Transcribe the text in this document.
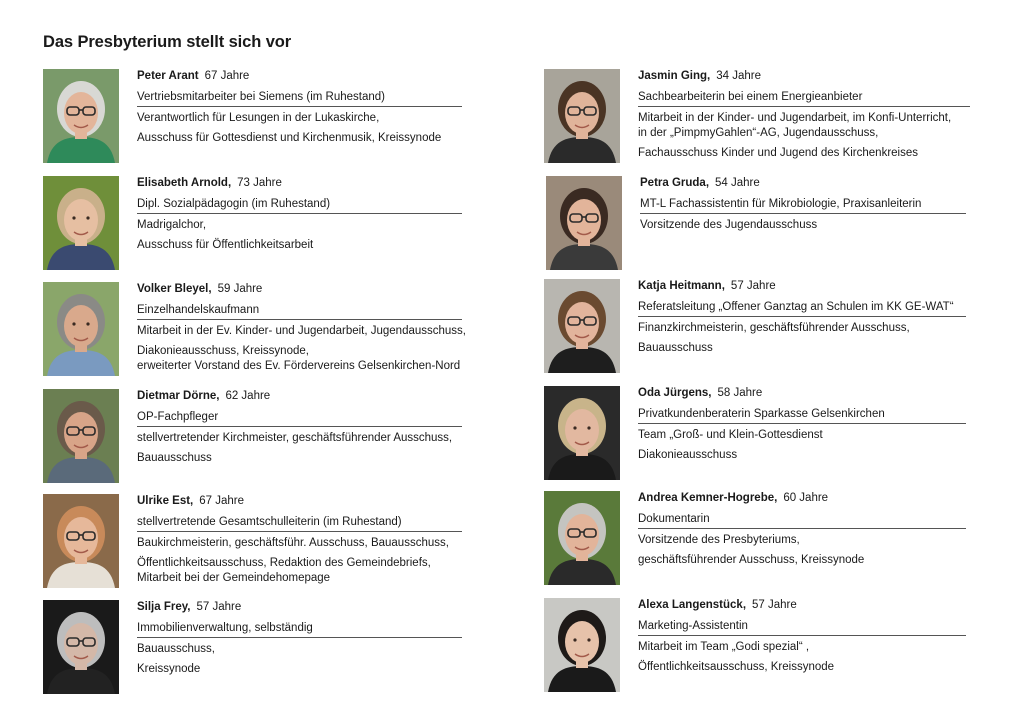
Das Presbyterium stellt sich vor
Peter Arant 67 Jahre
Vertriebsmitarbeiter bei Siemens (im Ruhestand)
Verantwortlich für Lesungen in der Lukaskirche,
Ausschuss für Gottesdienst und Kirchenmusik, Kreissynode
Elisabeth Arnold, 73 Jahre
Dipl. Sozialpädagogin (im Ruhestand)
Madrigalchor,
Ausschuss für Öffentlichkeitsarbeit
Volker Bleyel, 59 Jahre
Einzelhandelskaufmann
Mitarbeit in der Ev. Kinder- und Jugendarbeit, Jugendausschuss,
Diakonieausschuss, Kreissynode,
erweiterter Vorstand des Ev. Fördervereins Gelsenkirchen-Nord
Dietmar Dörne, 62 Jahre
OP-Fachpfleger
stellvertretender Kirchmeister, geschäftsführender Ausschuss,
Bauausschuss
Ulrike Est, 67 Jahre
stellvertretende Gesamtschulleiterin (im Ruhestand)
Baukirchmeisterin, geschäftsführ. Ausschuss, Bauausschuss,
Öffentlichkeitsausschuss, Redaktion des Gemeindebriefs,
Mitarbeit bei der Gemeindehomepage
Silja Frey, 57 Jahre
Immobilienverwaltung, selbständig
Bauausschuss,
Kreissynode
Jasmin Ging, 34 Jahre
Sachbearbeiterin bei einem Energieanbieter
Mitarbeit in der Kinder- und Jugendarbeit, im Konfi-Unterricht,
in der „PimpmyGahlen“-AG, Jugendausschuss,
Fachausschuss Kinder und Jugend des Kirchenkreises
Petra Gruda, 54 Jahre
MT-L Fachassistentin für Mikrobiologie, Praxisanleiterin
Vorsitzende des Jugendausschuss
Katja Heitmann, 57 Jahre
Referatsleitung „Offener Ganztag an Schulen im KK GE-WAT“
Finanzkirchmeisterin, geschäftsführender Ausschuss,
Bauausschuss
Oda Jürgens, 58 Jahre
Privatkundenberaterin Sparkasse Gelsenkirchen
Team „Groß- und Klein-Gottesdienst
Diakonieausschuss
Andrea Kemner-Hogrebe, 60 Jahre
Dokumentarin
Vorsitzende des Presbyteriums,
geschäftsführender Ausschuss, Kreissynode
Alexa Langenstück, 57 Jahre
Marketing-Assistentin
Mitarbeit im Team „Godi spezial“ ,
Öffentlichkeitsausschuss, Kreissynode
